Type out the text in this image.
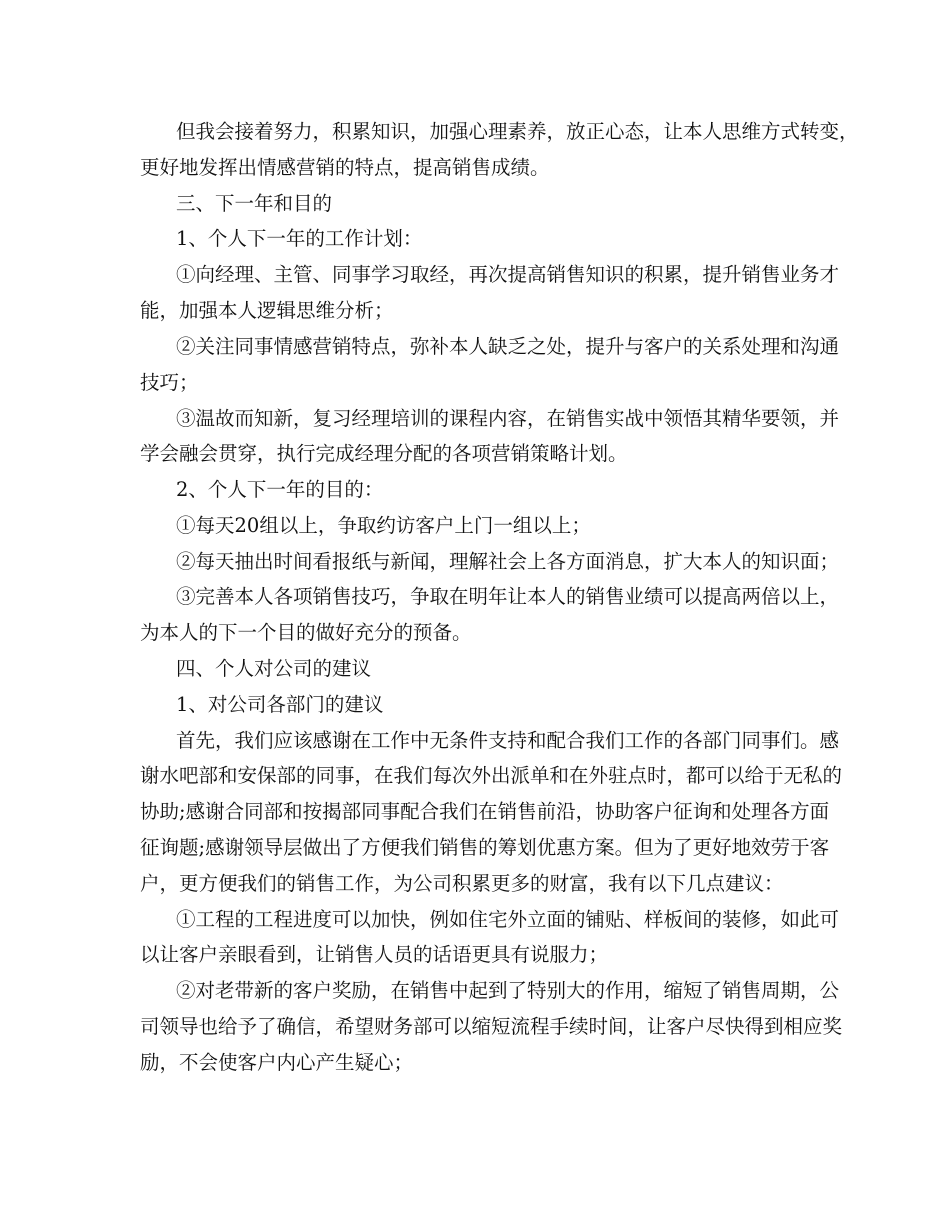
但我会接着努力，积累知识，加强心理素养，放正心态，让本人思维方式转变，
更好地发挥出情感营销的特点，提高销售成绩。
三、下一年和目的
1、个人下一年的工作计划：
①向经理、主管、同事学习取经，再次提高销售知识的积累，提升销售业务才
能，加强本人逻辑思维分析；
②关注同事情感营销特点，弥补本人缺乏之处，提升与客户的关系处理和沟通
技巧；
③温故而知新，复习经理培训的课程内容，在销售实战中领悟其精华要领，并
学会融会贯穿，执行完成经理分配的各项营销策略计划。
2、个人下一年的目的：
①每天20组以上，争取约访客户上门一组以上；
②每天抽出时间看报纸与新闻，理解社会上各方面消息，扩大本人的知识面；
③完善本人各项销售技巧，争取在明年让本人的销售业绩可以提高两倍以上，
为本人的下一个目的做好充分的预备。
四、个人对公司的建议
1、对公司各部门的建议
首先，我们应该感谢在工作中无条件支持和配合我们工作的各部门同事们。感
谢水吧部和安保部的同事，在我们每次外出派单和在外驻点时，都可以给于无私的
协助;感谢合同部和按揭部同事配合我们在销售前沿，协助客户征询和处理各方面
征询题;感谢领导层做出了方便我们销售的筹划优惠方案。但为了更好地效劳于客
户，更方便我们的销售工作，为公司积累更多的财富，我有以下几点建议：
①工程的工程进度可以加快，例如住宅外立面的铺贴、样板间的装修，如此可
以让客户亲眼看到，让销售人员的话语更具有说服力；
②对老带新的客户奖励，在销售中起到了特别大的作用，缩短了销售周期，公
司领导也给予了确信，希望财务部可以缩短流程手续时间，让客户尽快得到相应奖
励，不会使客户内心产生疑心；
